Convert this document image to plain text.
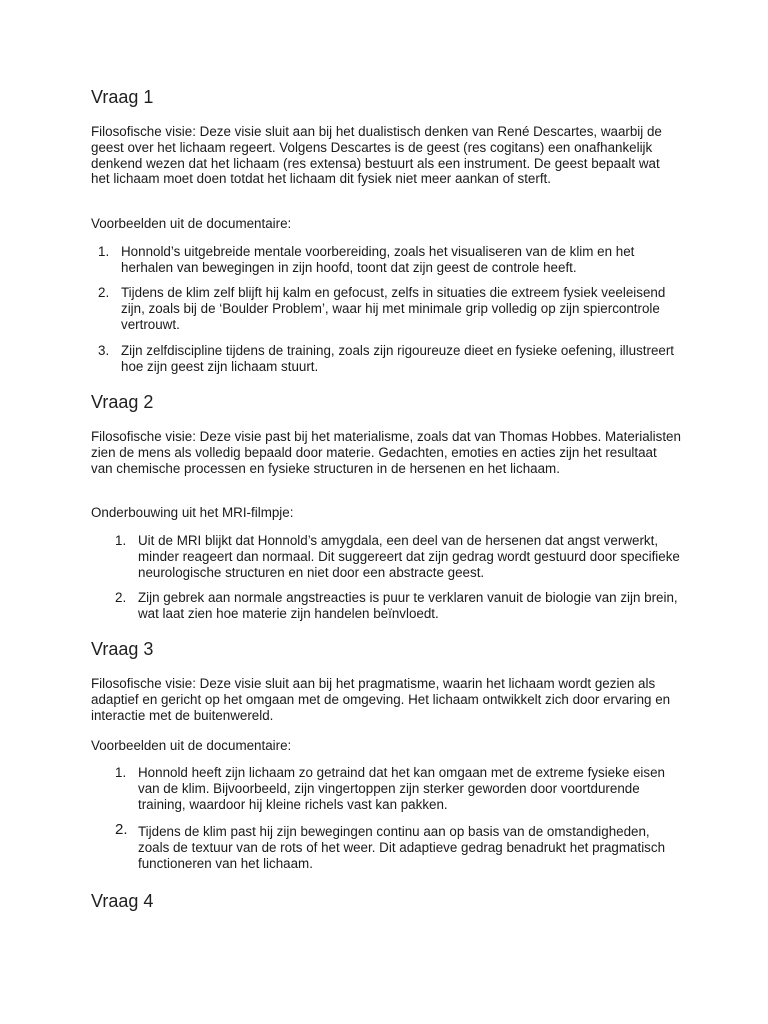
Vraag 1

Filosofische visie: Deze visie sluit aan bij het dualistisch denken van René Descartes, waarbij de geest over het lichaam regeert. Volgens Descartes is de geest (res cogitans) een onafhankelijk denkend wezen dat het lichaam (res extensa) bestuurt als een instrument. De geest bepaalt wat het lichaam moet doen totdat het lichaam dit fysiek niet meer aankan of sterft.

Voorbeelden uit de documentaire:

1. Honnold’s uitgebreide mentale voorbereiding, zoals het visualiseren van de klim en het herhalen van bewegingen in zijn hoofd, toont dat zijn geest de controle heeft.

2. Tijdens de klim zelf blijft hij kalm en gefocust, zelfs in situaties die extreem fysiek veeleisend zijn, zoals bij de ‘Boulder Problem’, waar hij met minimale grip volledig op zijn spiercontrole vertrouwt.

3. Zijn zelfdiscipline tijdens de training, zoals zijn rigoureuze dieet en fysieke oefening, illustreert hoe zijn geest zijn lichaam stuurt.

Vraag 2

Filosofische visie: Deze visie past bij het materialisme, zoals dat van Thomas Hobbes. Materialisten zien de mens als volledig bepaald door materie. Gedachten, emoties en acties zijn het resultaat van chemische processen en fysieke structuren in de hersenen en het lichaam.

Onderbouwing uit het MRI-filmpje:

1. Uit de MRI blijkt dat Honnold’s amygdala, een deel van de hersenen dat angst verwerkt, minder reageert dan normaal. Dit suggereert dat zijn gedrag wordt gestuurd door specifieke neurologische structuren en niet door een abstracte geest.

2. Zijn gebrek aan normale angstreacties is puur te verklaren vanuit de biologie van zijn brein, wat laat zien hoe materie zijn handelen beïnvloedt.

Vraag 3

Filosofische visie: Deze visie sluit aan bij het pragmatisme, waarin het lichaam wordt gezien als adaptief en gericht op het omgaan met de omgeving. Het lichaam ontwikkelt zich door ervaring en interactie met de buitenwereld.

Voorbeelden uit de documentaire:

1. Honnold heeft zijn lichaam zo getraind dat het kan omgaan met de extreme fysieke eisen van de klim. Bijvoorbeeld, zijn vingertoppen zijn sterker geworden door voortdurende training, waardoor hij kleine richels vast kan pakken.

2. Tijdens de klim past hij zijn bewegingen continu aan op basis van de omstandigheden, zoals de textuur van de rots of het weer. Dit adaptieve gedrag benadrukt het pragmatisch functioneren van het lichaam.

Vraag 4
